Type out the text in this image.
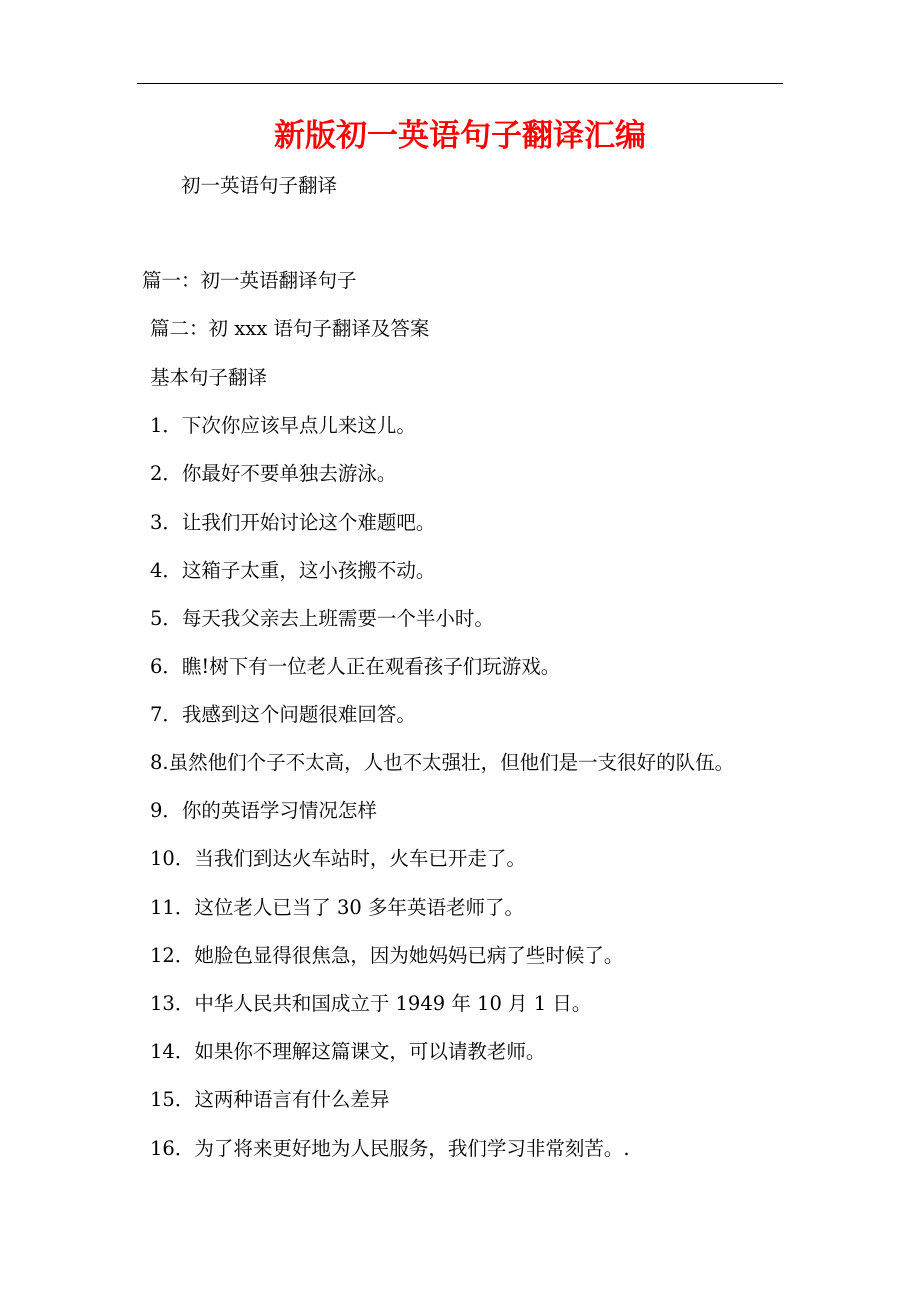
新版初一英语句子翻译汇编
初一英语句子翻译
篇一：初一英语翻译句子
篇二：初 xxx 语句子翻译及答案
基本句子翻译
1．下次你应该早点儿来这儿。
2．你最好不要单独去游泳。
3．让我们开始讨论这个难题吧。
4．这箱子太重，这小孩搬不动。
5．每天我父亲去上班需要一个半小时。
6．瞧!树下有一位老人正在观看孩子们玩游戏。
7．我感到这个问题很难回答。
8.虽然他们个子不太高，人也不太强壮，但他们是一支很好的队伍。
9．你的英语学习情况怎样
10．当我们到达火车站时，火车已开走了。
11．这位老人已当了 30 多年英语老师了。
12．她脸色显得很焦急，因为她妈妈已病了些时候了。
13．中华人民共和国成立于 1949 年 10 月 1 日。
14．如果你不理解这篇课文，可以请教老师。
15．这两种语言有什么差异
16．为了将来更好地为人民服务，我们学习非常刻苦。.
